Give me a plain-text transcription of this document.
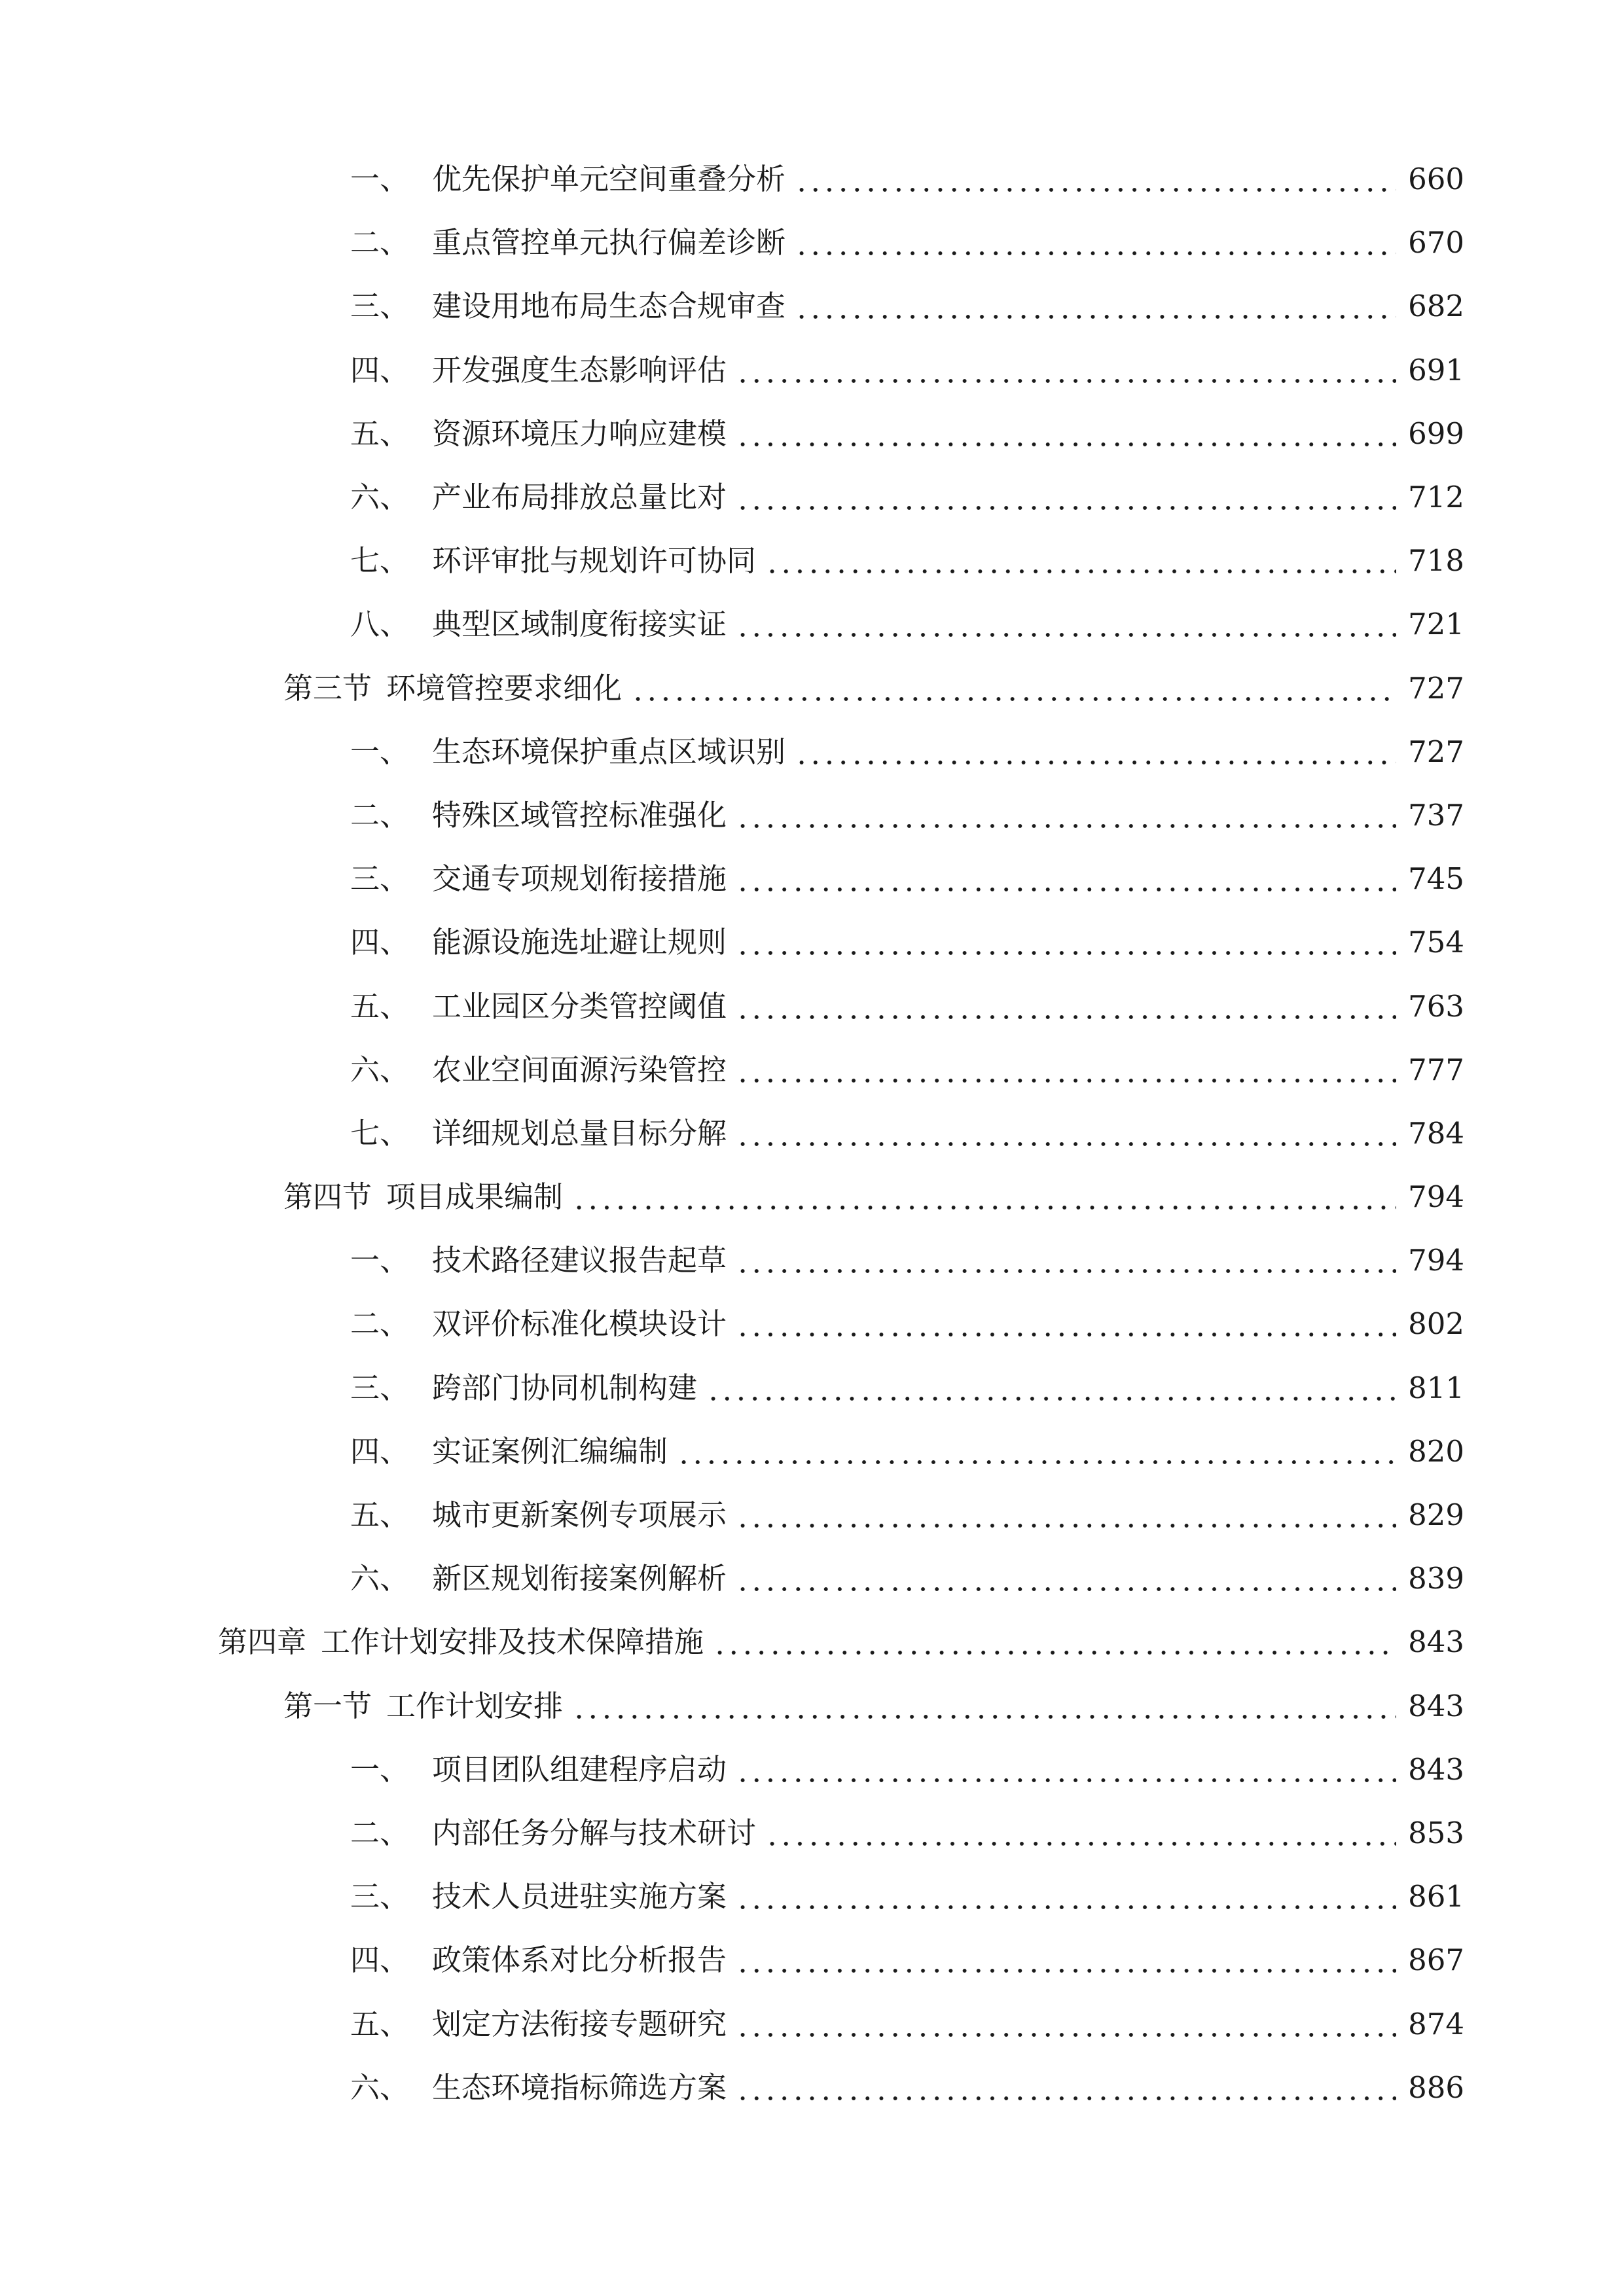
一、 优先保护单元空间重叠分析	660
二、 重点管控单元执行偏差诊断	670
三、 建设用地布局生态合规审查	682
四、 开发强度生态影响评估	691
五、 资源环境压力响应建模	699
六、 产业布局排放总量比对	712
七、 环评审批与规划许可协同	718
八、 典型区域制度衔接实证	721
第三节 环境管控要求细化	727
一、 生态环境保护重点区域识别	727
二、 特殊区域管控标准强化	737
三、 交通专项规划衔接措施	745
四、 能源设施选址避让规则	754
五、 工业园区分类管控阈值	763
六、 农业空间面源污染管控	777
七、 详细规划总量目标分解	784
第四节 项目成果编制	794
一、 技术路径建议报告起草	794
二、 双评价标准化模块设计	802
三、 跨部门协同机制构建	811
四、 实证案例汇编编制	820
五、 城市更新案例专项展示	829
六、 新区规划衔接案例解析	839
第四章 工作计划安排及技术保障措施	843
第一节 工作计划安排	843
一、 项目团队组建程序启动	843
二、 内部任务分解与技术研讨	853
三、 技术人员进驻实施方案	861
四、 政策体系对比分析报告	867
五、 划定方法衔接专题研究	874
六、 生态环境指标筛选方案	886
